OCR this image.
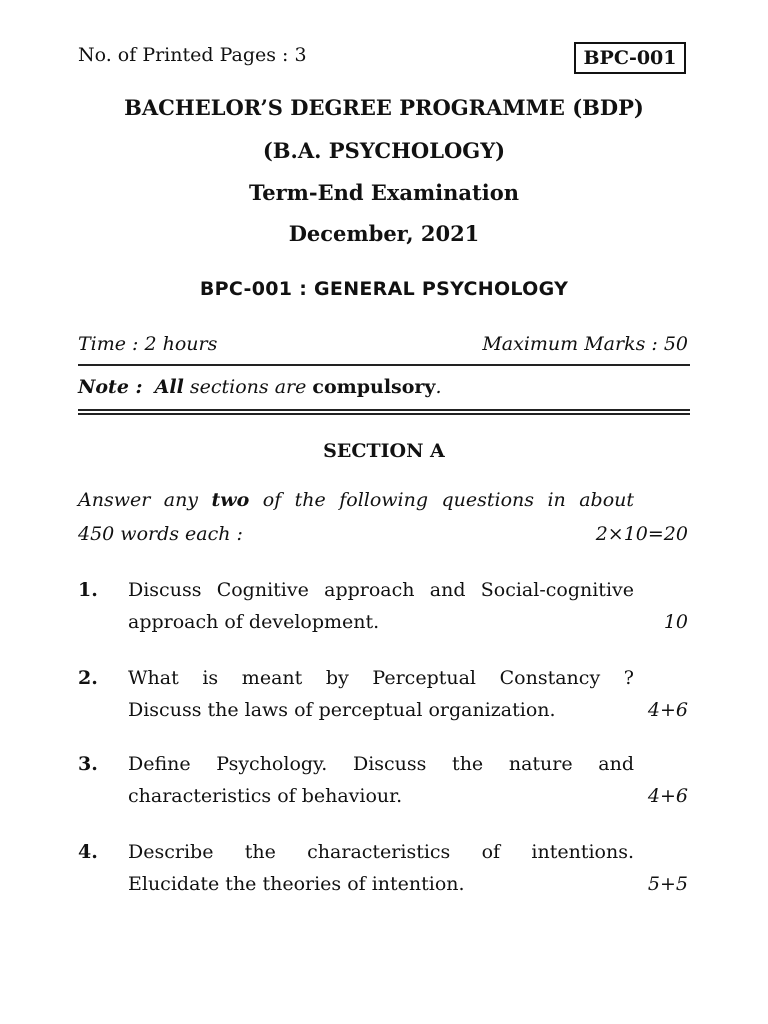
No. of Printed Pages : 3	BPC-001
BACHELOR’S DEGREE PROGRAMME (BDP)
(B.A. PSYCHOLOGY)
Term-End Examination
December, 2021
BPC-001 : GENERAL PSYCHOLOGY
Time : 2 hours	Maximum Marks : 50
Note : All sections are compulsory.
SECTION A
Answer any two of the following questions in about
450 words each :	2×10=20
1. Discuss Cognitive approach and Social-cognitive
approach of development.	10
2. What is meant by Perceptual Constancy ?
Discuss the laws of perceptual organization.	4+6
3. Define Psychology. Discuss the nature and
characteristics of behaviour.	4+6
4. Describe the characteristics of intentions.
Elucidate the theories of intention.	5+5
